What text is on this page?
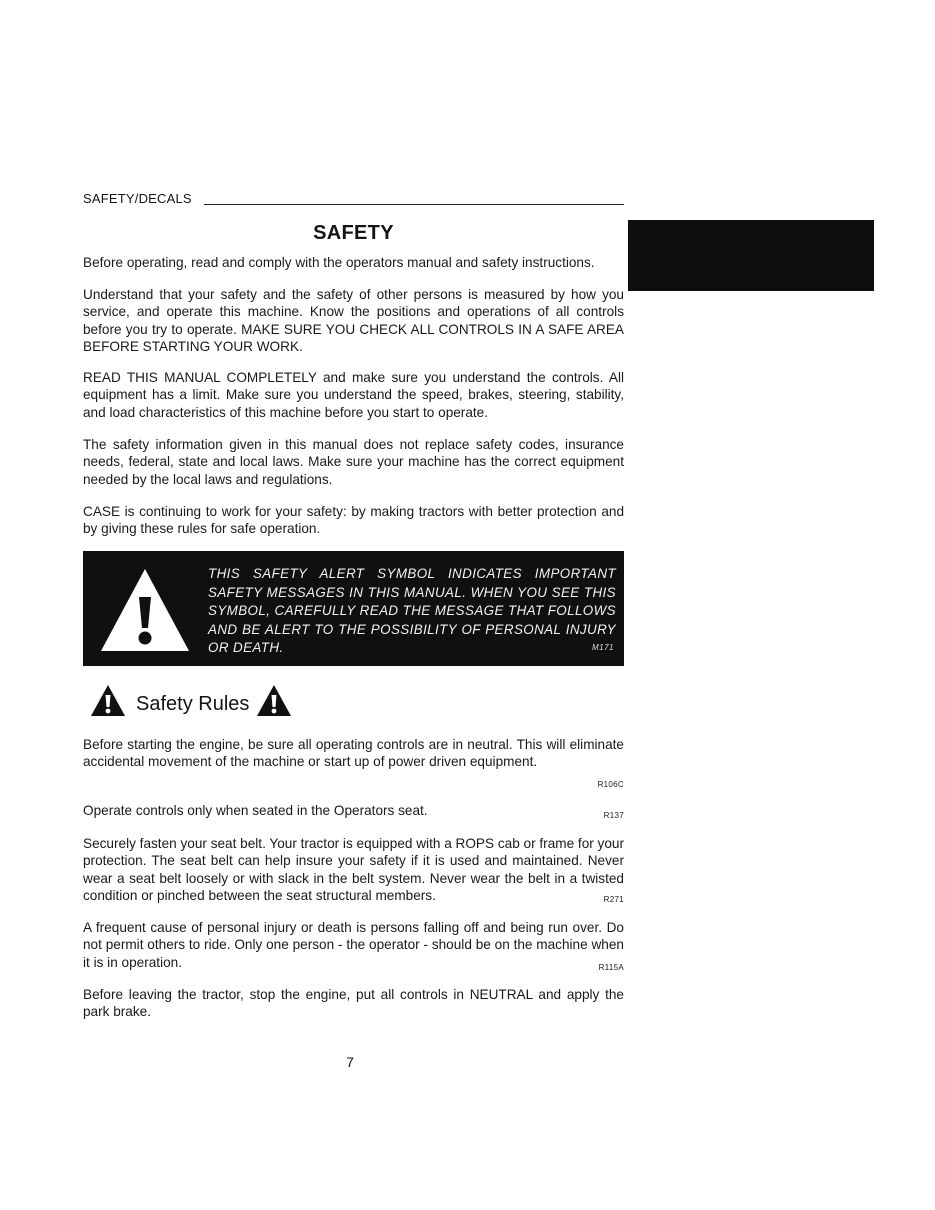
SAFETY/DECALS
SAFETY

Before operating, read and comply with the operators manual and safety instructions.

Understand that your safety and the safety of other persons is measured by how you service, and operate this machine. Know the positions and operations of all controls before you try to operate. MAKE SURE YOU CHECK ALL CONTROLS IN A SAFE AREA BEFORE STARTING YOUR WORK.

READ THIS MANUAL COMPLETELY and make sure you understand the controls. All equipment has a limit. Make sure you understand the speed, brakes, steering, stability, and load characteristics of this machine before you start to operate.

The safety information given in this manual does not replace safety codes, insurance needs, federal, state and local laws. Make sure your machine has the correct equipment needed by the local laws and regulations.

CASE is continuing to work for your safety: by making tractors with better protection and by giving these rules for safe operation.

THIS SAFETY ALERT SYMBOL INDICATES IMPORTANT SAFETY MESSAGES IN THIS MANUAL. WHEN YOU SEE THIS SYMBOL, CAREFULLY READ THE MESSAGE THAT FOLLOWS AND BE ALERT TO THE POSSIBILITY OF PERSONAL INJURY OR DEATH.	M171
Safety Rules
Before starting the engine, be sure all operating controls are in neutral. This will eliminate accidental movement of the machine or start up of power driven equipment.
R106C
Operate controls only when seated in the Operators seat.	R137
Securely fasten your seat belt. Your tractor is equipped with a ROPS cab or frame for your protection. The seat belt can help insure your safety if it is used and maintained. Never wear a seat belt loosely or with slack in the belt system. Never wear the belt in a twisted condition or pinched between the seat structural members.	R271
A frequent cause of personal injury or death is persons falling off and being run over. Do not permit others to ride. Only one person - the operator - should be on the machine when it is in operation.	R115A
Before leaving the tractor, stop the engine, put all controls in NEUTRAL and apply the park brake.
7
